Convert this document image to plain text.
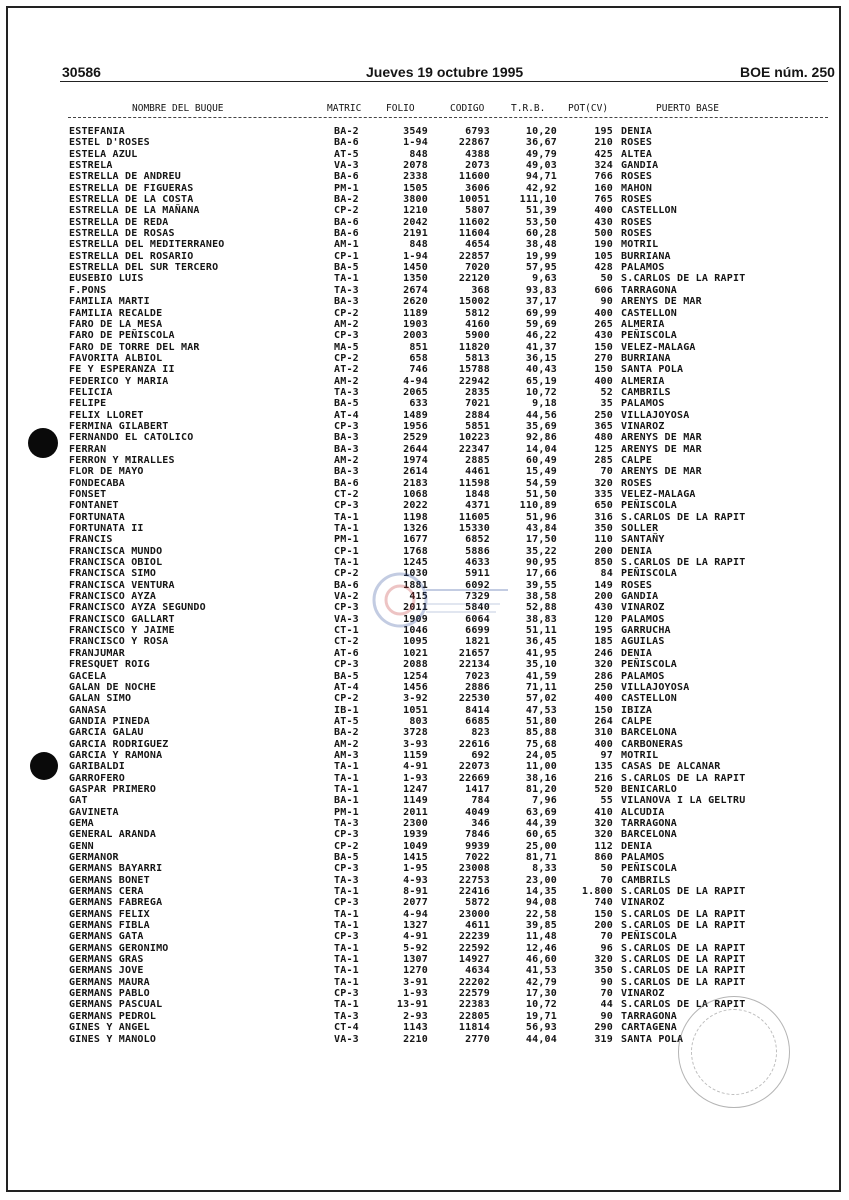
30586	Jueves 19 octubre 1995	BOE núm. 250
NOMBRE DEL BUQUE	MATRIC	FOLIO	CODIGO	T.R.B. POT(CV)	PUERTO BASE
ESTEFANIA	BA-2	3549	6793	10,20	195 DENIA
ESTEL D'ROSES	BA-6	1-94	22867	36,67	210 ROSES
ESTELA AZUL	AT-5	848	4388	49,79	425 ALTEA
ESTRELA	VA-3	2078	2073	49,03	324 GANDIA
ESTRELLA DE ANDREU	BA-6	2338	11600	94,71	766 ROSES
ESTRELLA DE FIGUERAS	PM-1	1505	3606	42,92	160 MAHON
ESTRELLA DE LA COSTA	BA-2	3800	10051	111,10	765 ROSES
ESTRELLA DE LA MAÑANA	CP-2	1210	5807	51,39	400 CASTELLON
ESTRELLA DE REDA	BA-6	2042	11602	53,50	430 ROSES
ESTRELLA DE ROSAS	BA-6	2191	11604	60,28	500 ROSES
ESTRELLA DEL MEDITERRANEO	AM-1	848	4654	38,48	190 MOTRIL
ESTRELLA DEL ROSARIO	CP-1	1-94	22857	19,99	105 BURRIANA
ESTRELLA DEL SUR TERCERO	BA-5	1450	7020	57,95	428 PALAMOS
EUSEBIO LUIS	TA-1	1350	22120	9,63	50 S.CARLOS DE LA RAPIT
F.PONS	TA-3	2674	368	93,83	606 TARRAGONA
FAMILIA MARTI	BA-3	2620	15002	37,17	90 ARENYS DE MAR
FAMILIA RECALDE	CP-2	1189	5812	69,99	400 CASTELLON
FARO DE LA MESA	AM-2	1903	4160	59,69	265 ALMERIA
FARO DE PEÑISCOLA	CP-3	2003	5900	46,22	430 PEÑISCOLA
FARO DE TORRE DEL MAR	MA-5	851	11820	41,37	150 VELEZ-MALAGA
FAVORITA ALBIOL	CP-2	658	5813	36,15	270 BURRIANA
FE Y ESPERANZA II	AT-2	746	15788	40,43	150 SANTA POLA
FEDERICO Y MARIA	AM-2	4-94	22942	65,19	400 ALMERIA
FELICIA	TA-3	2065	2835	10,72	52 CAMBRILS
FELIPE	BA-5	633	7021	9,18	35 PALAMOS
FELIX LLORET	AT-4	1489	2884	44,56	250 VILLAJOYOSA
FERMINA GILABERT	CP-3	1956	5851	35,69	365 VINAROZ
FERNANDO EL CATOLICO	BA-3	2529	10223	92,86	480 ARENYS DE MAR
FERRAN	BA-3	2644	22347	14,04	125 ARENYS DE MAR
FERRON Y MIRALLES	AM-2	1974	2885	60,49	285 CALPE
FLOR DE MAYO	BA-3	2614	4461	15,49	70 ARENYS DE MAR
FONDECABA	BA-6	2183	11598	54,59	320 ROSES
FONSET	CT-2	1068	1848	51,50	335 VELEZ-MALAGA
FONTANET	CP-3	2022	4371	110,89	650 PEÑISCOLA
FORTUNATA	TA-1	1198	11605	51,96	316 S.CARLOS DE LA RAPIT
FORTUNATA II	TA-1	1326	15330	43,84	350 SOLLER
FRANCIS	PM-1	1677	6852	17,50	110 SANTAÑY
FRANCISCA MUNDO	CP-1	1768	5886	35,22	200 DENIA
FRANCISCA OBIOL	TA-1	1245	4633	90,95	850 S.CARLOS DE LA RAPIT
FRANCISCA SIMO	CP-2	1030	5911	17,66	84 PEÑISCOLA
FRANCISCA VENTURA	BA-6	1881	6092	39,55	149 ROSES
FRANCISCO AYZA	VA-2	415	7329	38,58	200 GANDIA
FRANCISCO AYZA SEGUNDO	CP-3	2011	5840	52,88	430 VINAROZ
FRANCISCO GALLART	VA-3	1909	6064	38,83	120 PALAMOS
FRANCISCO Y JAIME	CT-1	1046	6699	51,11	195 GARRUCHA
FRANCISCO Y ROSA	CT-2	1095	1821	36,45	185 AGUILAS
FRANJUMAR	AT-6	1021	21657	41,95	246 DENIA
FRESQUET ROIG	CP-3	2088	22134	35,10	320 PEÑISCOLA
GACELA	BA-5	1254	7023	41,59	286 PALAMOS
GALAN DE NOCHE	AT-4	1456	2886	71,11	250 VILLAJOYOSA
GALAN SIMO	CP-2	3-92	22530	57,02	400 CASTELLON
GANASA	IB-1	1051	8414	47,53	150 IBIZA
GANDIA PINEDA	AT-5	803	6685	51,80	264 CALPE
GARCIA GALAU	BA-2	3728	823	85,88	310 BARCELONA
GARCIA RODRIGUEZ	AM-2	3-93	22616	75,68	400 CARBONERAS
GARCIA Y RAMONA	AM-3	1159	692	24,05	97 MOTRIL
GARIBALDI	TA-1	4-91	22073	11,00	135 CASAS DE ALCANAR
GARROFERO	TA-1	1-93	22669	38,16	216 S.CARLOS DE LA RAPIT
GASPAR PRIMERO	TA-1	1247	1417	81,20	520 BENICARLO
GAT	BA-1	1149	784	7,96	55 VILANOVA I LA GELTRU
GAVINETA	PM-1	2011	4049	63,69	410 ALCUDIA
GEMA	TA-3	2300	346	44,39	320 TARRAGONA
GENERAL ARANDA	CP-3	1939	7846	60,65	320 BARCELONA
GENN	CP-2	1049	9939	25,00	112 DENIA
GERMANOR	BA-5	1415	7022	81,71	860 PALAMOS
GERMANS BAYARRI	CP-3	1-95	23008	8,33	50 PEÑISCOLA
GERMANS BONET	TA-3	4-93	22753	23,00	70 CAMBRILS
GERMANS CERA	TA-1	8-91	22416	14,35	1.800 S.CARLOS DE LA RAPIT
GERMANS FABREGA	CP-3	2077	5872	94,08	740 VINAROZ
GERMANS FELIX	TA-1	4-94	23000	22,58	150 S.CARLOS DE LA RAPIT
GERMANS FIBLA	TA-1	1327	4611	39,85	200 S.CARLOS DE LA RAPIT
GERMANS GATA	CP-3	4-91	22239	11,48	70 PEÑISCOLA
GERMANS GERONIMO	TA-1	5-92	22592	12,46	96 S.CARLOS DE LA RAPIT
GERMANS GRAS	TA-1	1307	14927	46,60	320 S.CARLOS DE LA RAPIT
GERMANS JOVE	TA-1	1270	4634	41,53	350 S.CARLOS DE LA RAPIT
GERMANS MAURA	TA-1	3-91	22202	42,79	90 S.CARLOS DE LA RAPIT
GERMANS PABLO	CP-3	1-93	22579	17,30	70 VINAROZ
GERMANS PASCUAL	TA-1	13-91	22383	10,72	44 S.CARLOS DE LA RAPIT
GERMANS PEDROL	TA-3	2-93	22805	19,71	90 TARRAGONA
GINES Y ANGEL	CT-4	1143	11814	56,93	290 CARTAGENA
GINES Y MANOLO	VA-3	2210	2770	44,04	319 SANTA POLA
